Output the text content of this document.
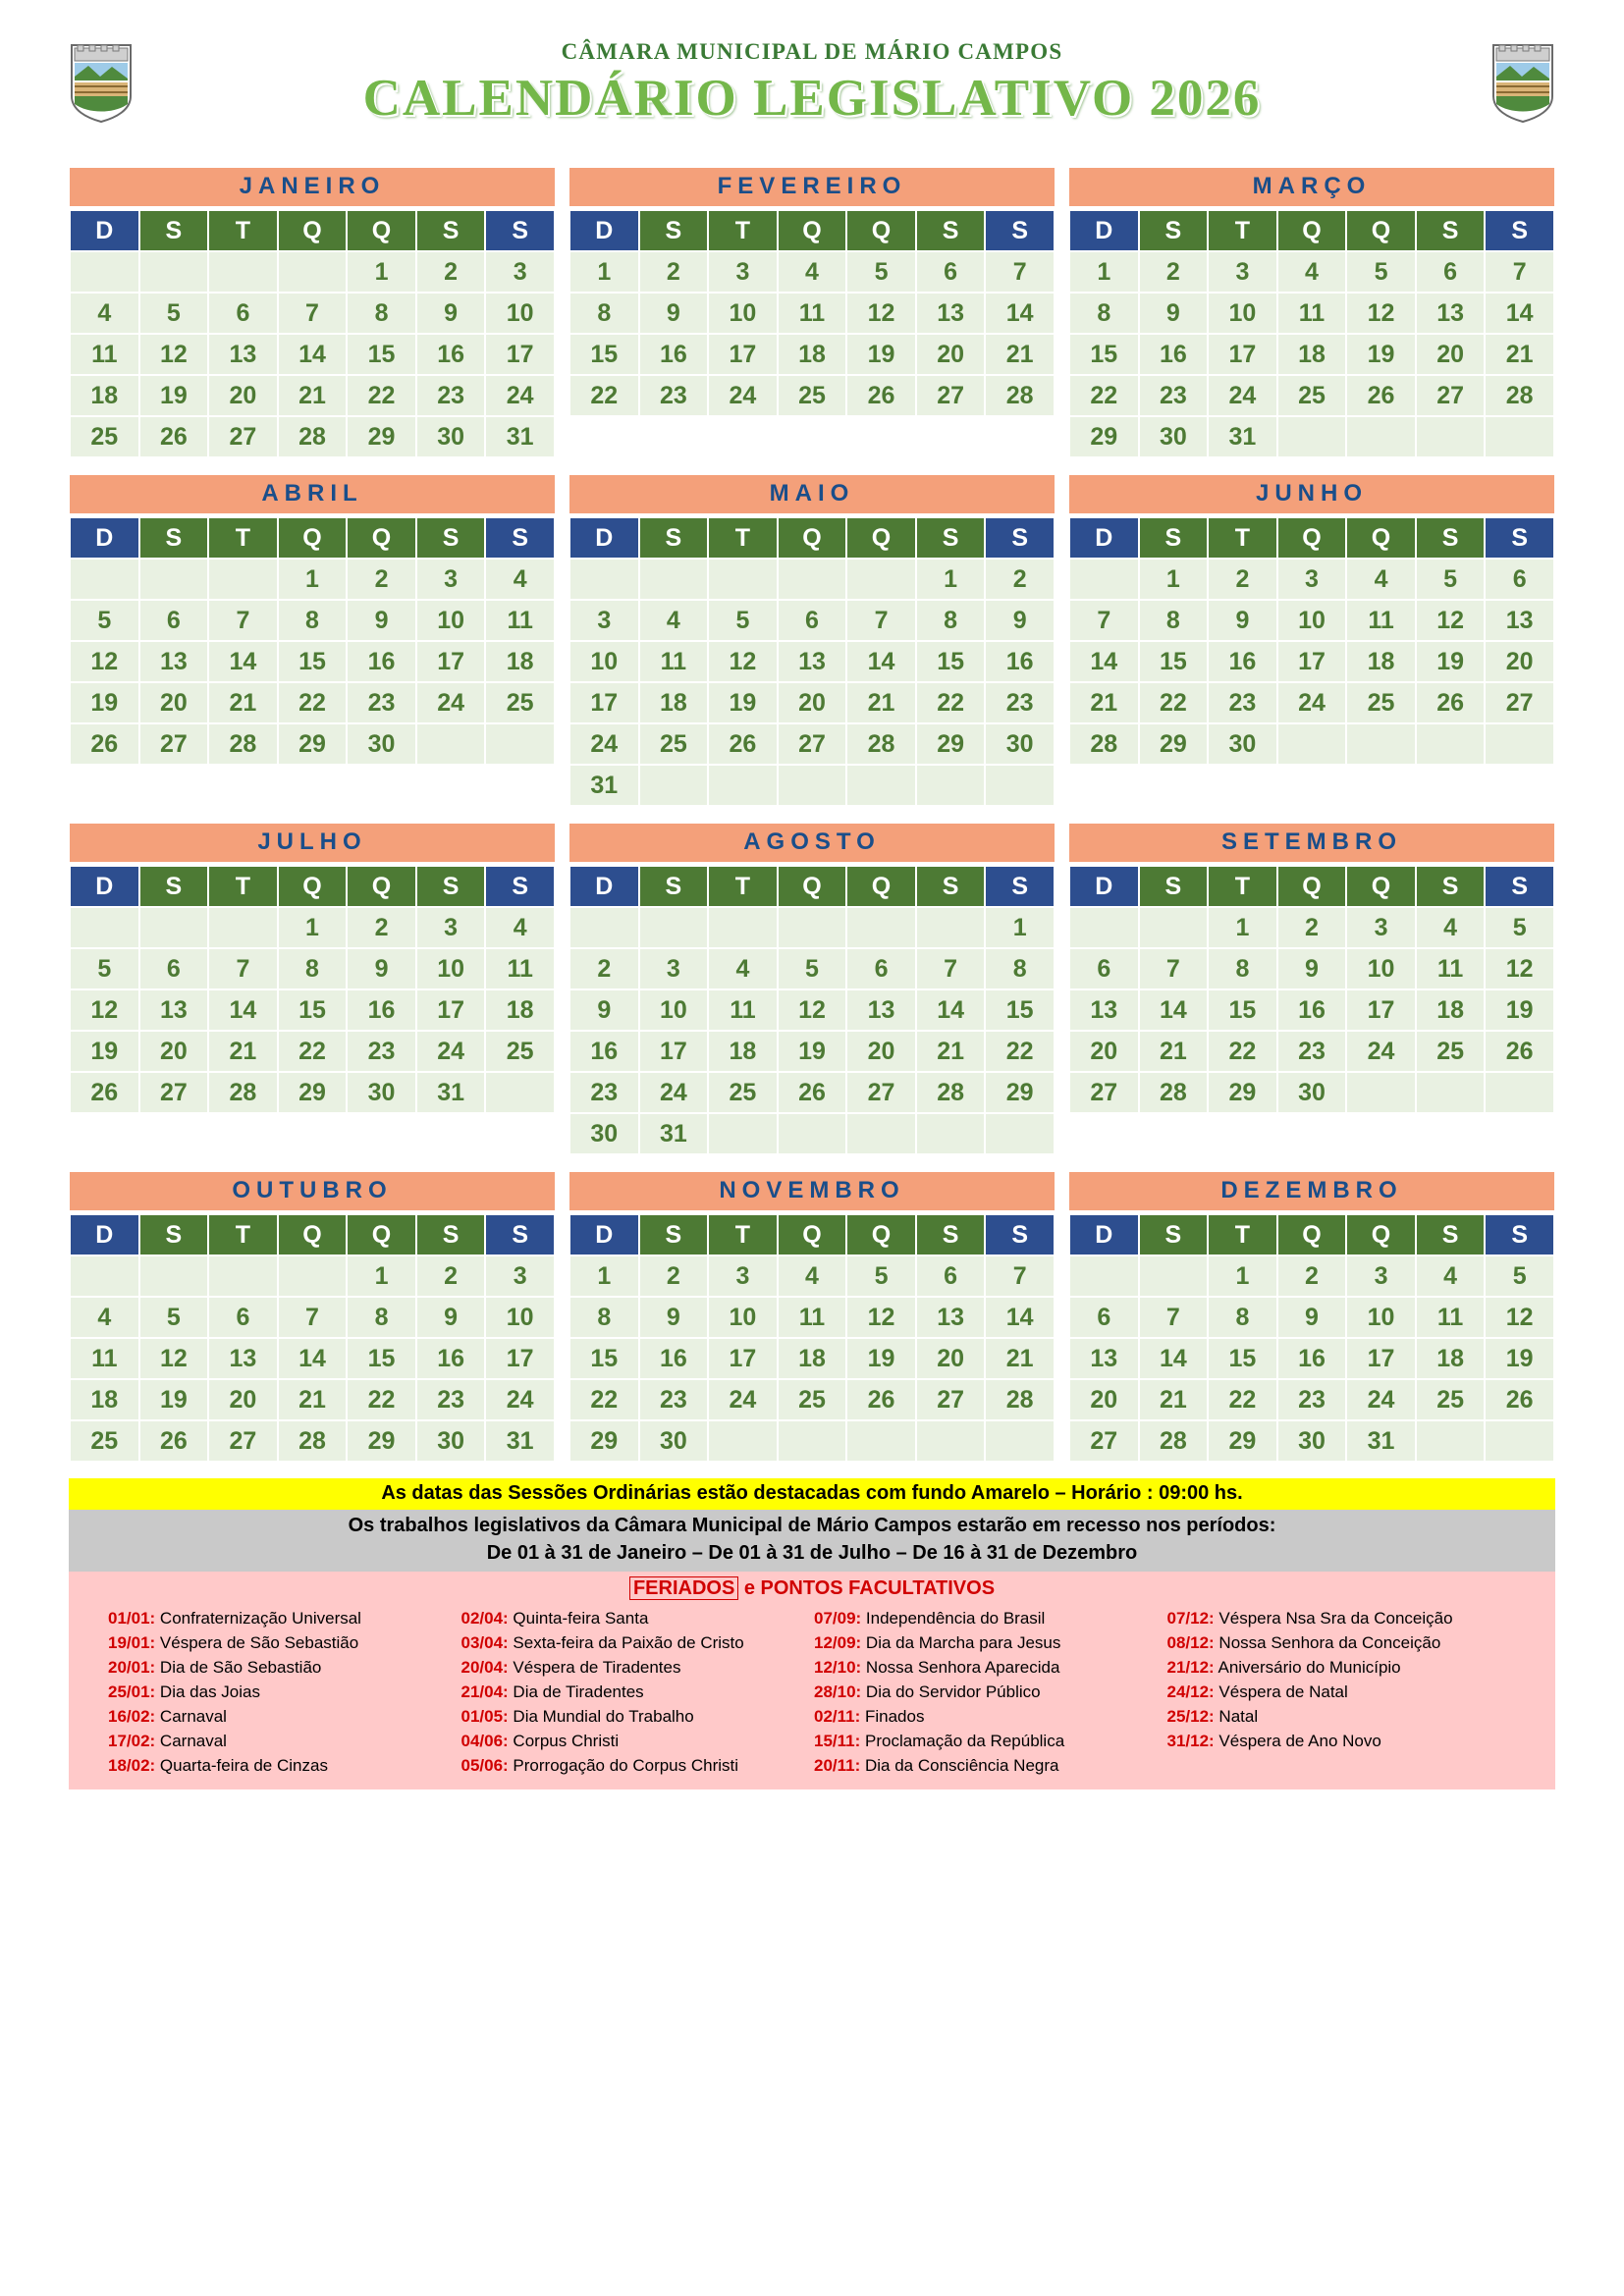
CÂMARA MUNICIPAL DE MÁRIO CAMPOS
CALENDÁRIO LEGISLATIVO 2026
JANEIRO
D	S	T	Q	Q	S	S
				1	2	3
4	5	6	7	8	9	10
11	12	13	14	15	16	17
18	19	20	21	22	23	24
25	26	27	28	29	30	31
FEVEREIRO
D	S	T	Q	Q	S	S
1	2	3	4	5	6	7
8	9	10	11	12	13	14
15	16	17	18	19	20	21
22	23	24	25	26	27	28
MARÇO
D	S	T	Q	Q	S	S
1	2	3	4	5	6	7
8	9	10	11	12	13	14
15	16	17	18	19	20	21
22	23	24	25	26	27	28
29	30	31				
ABRIL
D	S	T	Q	Q	S	S
			1	2	3	4
5	6	7	8	9	10	11
12	13	14	15	16	17	18
19	20	21	22	23	24	25
26	27	28	29	30		
MAIO
D	S	T	Q	Q	S	S
					1	2
3	4	5	6	7	8	9
10	11	12	13	14	15	16
17	18	19	20	21	22	23
24	25	26	27	28	29	30
31						
JUNHO
D	S	T	Q	Q	S	S
	1	2	3	4	5	6
7	8	9	10	11	12	13
14	15	16	17	18	19	20
21	22	23	24	25	26	27
28	29	30				
JULHO
D	S	T	Q	Q	S	S
			1	2	3	4
5	6	7	8	9	10	11
12	13	14	15	16	17	18
19	20	21	22	23	24	25
26	27	28	29	30	31	
AGOSTO
D	S	T	Q	Q	S	S
						1
2	3	4	5	6	7	8
9	10	11	12	13	14	15
16	17	18	19	20	21	22
23	24	25	26	27	28	29
30	31					
SETEMBRO
D	S	T	Q	Q	S	S
		1	2	3	4	5
6	7	8	9	10	11	12
13	14	15	16	17	18	19
20	21	22	23	24	25	26
27	28	29	30			
OUTUBRO
D	S	T	Q	Q	S	S
				1	2	3
4	5	6	7	8	9	10
11	12	13	14	15	16	17
18	19	20	21	22	23	24
25	26	27	28	29	30	31
NOVEMBRO
D	S	T	Q	Q	S	S
1	2	3	4	5	6	7
8	9	10	11	12	13	14
15	16	17	18	19	20	21
22	23	24	25	26	27	28
29	30					
DEZEMBRO
D	S	T	Q	Q	S	S
		1	2	3	4	5
6	7	8	9	10	11	12
13	14	15	16	17	18	19
20	21	22	23	24	25	26
27	28	29	30	31		
As datas das Sessões Ordinárias estão destacadas com fundo Amarelo – Horário : 09:00 hs.
Os trabalhos legislativos da Câmara Municipal de Mário Campos estarão em recesso nos períodos:
De 01 à 31 de Janeiro – De 01 à 31 de Julho – De 16 à 31 de Dezembro
FERIADOS e PONTOS FACULTATIVOS
01/01: Confraternização Universal
19/01: Véspera de São Sebastião
20/01: Dia de São Sebastião
25/01: Dia das Joias
16/02: Carnaval
17/02: Carnaval
18/02: Quarta-feira de Cinzas
02/04: Quinta-feira Santa
03/04: Sexta-feira da Paixão de Cristo
20/04: Véspera de Tiradentes
21/04: Dia de Tiradentes
01/05: Dia Mundial do Trabalho
04/06: Corpus Christi
05/06: Prorrogação do Corpus Christi
07/09: Independência do Brasil
12/09: Dia da Marcha para Jesus
12/10: Nossa Senhora Aparecida
28/10: Dia do Servidor Público
02/11: Finados
15/11: Proclamação da República
20/11: Dia da Consciência Negra
07/12: Véspera Nsa Sra da Conceição
08/12: Nossa Senhora da Conceição
21/12: Aniversário do Município
24/12: Véspera de Natal
25/12: Natal
31/12: Véspera de Ano Novo
